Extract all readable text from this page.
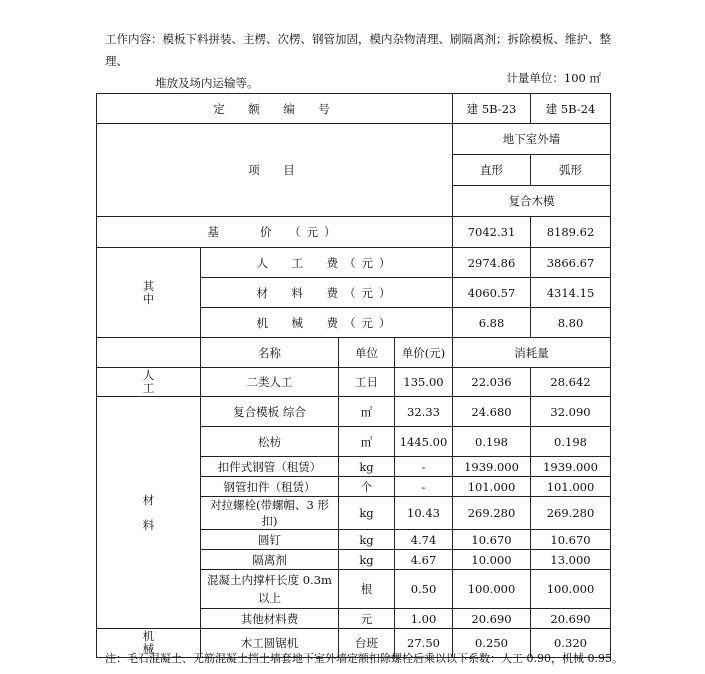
工作内容：模板下料拼装、主楞、次楞、钢管加固，模内杂物清理、刷隔离剂；拆除模板、维护、整理、
堆放及场内运输等。	计量单位：100 ㎡
定　额　编　号				建 5B-23	建 5B-24
项　目				地下室外墙	
				直形	弧形
				复合木模	
基　　价　（元）				7042.31	8189.62

其
中	人　工　费（元）			2974.86	3866.67
	材　料　费（元）			4060.57	4314.15
	机　械　费（元）			6.88	8.80
	名称	单位	单价(元)	消耗量	

人
工	二类人工	工日	135.00	22.036	28.642

材
料	复合模板 综合	㎡	32.33	24.680	32.090
	松枋	㎥	1445.00	0.198	0.198
	扣件式钢管（租赁）	kg	-	1939.000	1939.000
	钢管扣件（租赁）	个	-	101.000	101.000
	对拉螺栓(带螺帽、3 形扣)	kg	10.43	269.280	269.280
	圆钉	kg	4.74	10.670	10.670
	隔离剂	kg	4.67	10.000	13.000
	混凝土内撑杆长度 0.3m 以上	根	0.50	100.000	100.000
	其他材料费	元	1.00	20.690	20.690

机
械	木工圆锯机	台班	27.50	0.250	0.320
注：毛石混凝土、无筋混凝土挡土墙套地下室外墙定额扣除螺栓后乘以以下系数：人工 0.90，机械 0.95。
